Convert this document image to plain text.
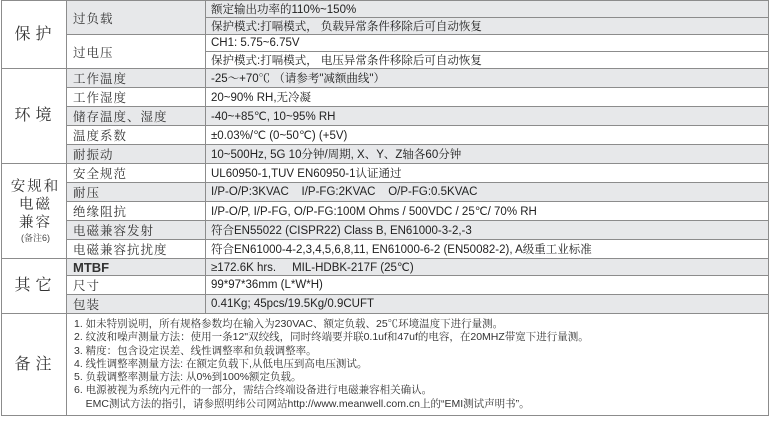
保护	过负载	额定输出功率的110%~150%
		保护模式:打嗝模式， 负载异常条件移除后可自动恢复
	过电压	CH1: 5.75~6.75V
		保护模式:打嗝模式， 电压异常条件移除后可自动恢复

环境	工作温度	-25～+70℃ （请参考"减额曲线"）
	工作湿度	20~90% RH,无冷凝
	储存温度、湿度	-40~+85℃, 10~95% RH
	温度系数	±0.03%/℃ (0~50℃) (+5V)
	耐振动	10~500Hz, 5G 10分钟/周期, X、Y、Z轴各60分钟

安规和
电磁
兼容
(备注6)	安全规范	UL60950-1,TUV EN60950-1认证通过
	耐压	I/P-O/P:3KVAC    I/P-FG:2KVAC    O/P-FG:0.5KVAC
	绝缘阻抗	I/P-O/P, I/P-FG, O/P-FG:100M Ohms / 500VDC / 25℃/ 70% RH
	电磁兼容发射	符合EN55022 (CISPR22) Class B, EN61000-3-2,-3
	电磁兼容抗扰度	符合EN61000-4-2,3,4,5,6,8,11, EN61000-6-2 (EN50082-2), A级重工业标准

其它	MTBF	≥172.6K hrs.     MIL-HDBK-217F (25℃)
	尺寸	99*97*36mm (L*W*H)
	包装	0.41Kg; 45pcs/19.5Kg/0.9CUFT

备注

1. 如未特别说明，所有规格参数均在输入为230VAC、额定负载、25℃环境温度下进行量测。
2. 纹波和噪声测量方法：使用一条12"双绞线，同时终端要并联0.1uf和47uf的电容，在20MHZ带宽下进行量测。
3. 精度：包含设定误差、线性调整率和负载调整率。
4. 线性调整率测量方法: 在额定负载下,从低电压到高电压测试。
5. 负载调整率测量方法: 从0%到100%额定负载。
6. 电源被视为系统内元件的一部分，需结合终端设备进行电磁兼容相关确认。
EMC测试方法的指引，请参照明纬公司网站http://www.meanwell.com.cn上的“EMI测试声明书”。
